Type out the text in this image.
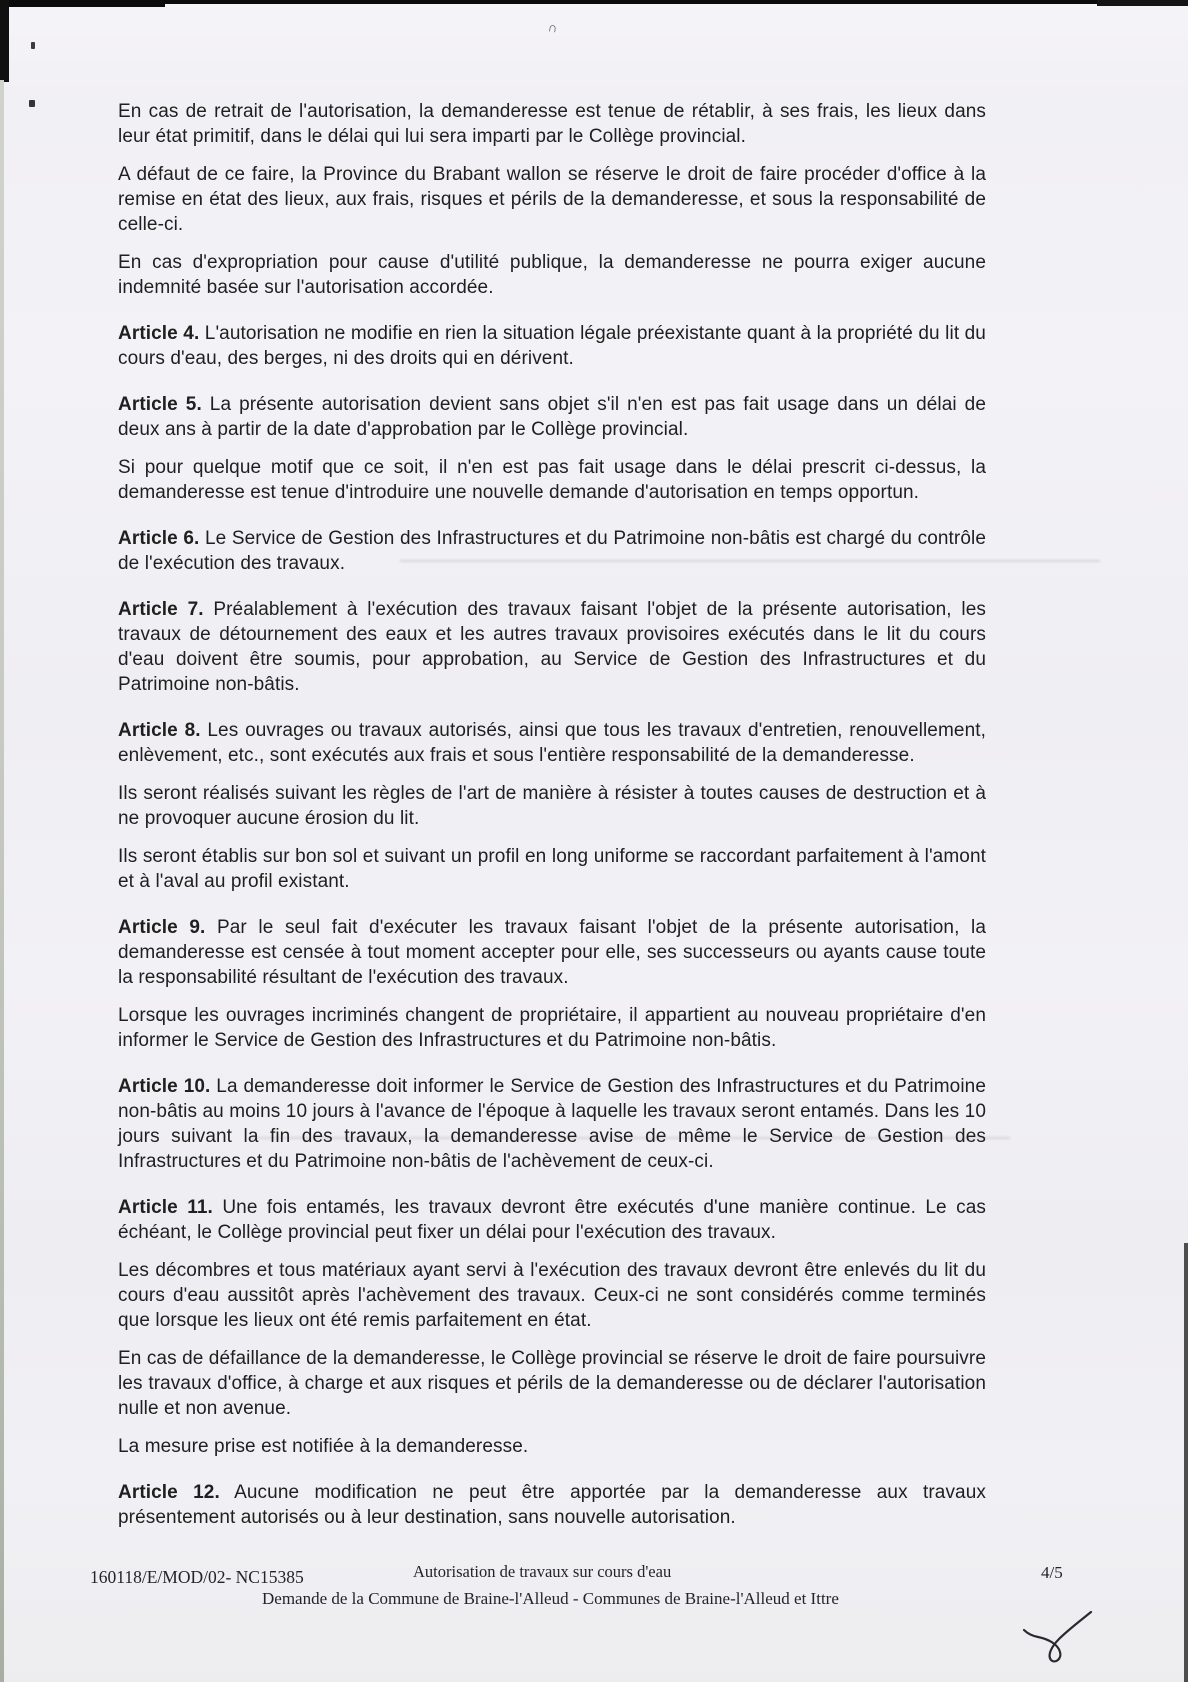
∩

En cas de retrait de l'autorisation, la demanderesse est tenue de rétablir, à ses frais, les lieux dans leur état primitif, dans le délai qui lui sera imparti par le Collège provincial.

A défaut de ce faire, la Province du Brabant wallon se réserve le droit de faire procéder d'office à la remise en état des lieux, aux frais, risques et périls de la demanderesse, et sous la responsabilité de celle-ci.

En cas d'expropriation pour cause d'utilité publique, la demanderesse ne pourra exiger aucune indemnité basée sur l'autorisation accordée.

Article 4. L'autorisation ne modifie en rien la situation légale préexistante quant à la propriété du lit du cours d'eau, des berges, ni des droits qui en dérivent.

Article 5. La présente autorisation devient sans objet s'il n'en est pas fait usage dans un délai de deux ans à partir de la date d'approbation par le Collège provincial.

Si pour quelque motif que ce soit, il n'en est pas fait usage dans le délai prescrit ci-dessus, la demanderesse est tenue d'introduire une nouvelle demande d'autorisation en temps opportun.

Article 6. Le Service de Gestion des Infrastructures et du Patrimoine non-bâtis est chargé du contrôle de l'exécution des travaux.

Article 7. Préalablement à l'exécution des travaux faisant l'objet de la présente autorisation, les travaux de détournement des eaux et les autres travaux provisoires exécutés dans le lit du cours d'eau doivent être soumis, pour approbation, au Service de Gestion des Infrastructures et du Patrimoine non-bâtis.

Article 8. Les ouvrages ou travaux autorisés, ainsi que tous les travaux d'entretien, renouvellement, enlèvement, etc., sont exécutés aux frais et sous l'entière responsabilité de la demanderesse.

Ils seront réalisés suivant les règles de l'art de manière à résister à toutes causes de destruction et à ne provoquer aucune érosion du lit.

Ils seront établis sur bon sol et suivant un profil en long uniforme se raccordant parfaitement à l'amont et à l'aval au profil existant.

Article 9. Par le seul fait d'exécuter les travaux faisant l'objet de la présente autorisation, la demanderesse est censée à tout moment accepter pour elle, ses successeurs ou ayants cause toute la responsabilité résultant de l'exécution des travaux.

Lorsque les ouvrages incriminés changent de propriétaire, il appartient au nouveau propriétaire d'en informer le Service de Gestion des Infrastructures et du Patrimoine non-bâtis.

Article 10. La demanderesse doit informer le Service de Gestion des Infrastructures et du Patrimoine non-bâtis au moins 10 jours à l'avance de l'époque à laquelle les travaux seront entamés. Dans les 10 jours suivant la fin des travaux, la demanderesse avise de même le Service de Gestion des Infrastructures et du Patrimoine non-bâtis de l'achèvement de ceux-ci.

Article 11. Une fois entamés, les travaux devront être exécutés d'une manière continue. Le cas échéant, le Collège provincial peut fixer un délai pour l'exécution des travaux.

Les décombres et tous matériaux ayant servi à l'exécution des travaux devront être enlevés du lit du cours d'eau aussitôt après l'achèvement des travaux. Ceux-ci ne sont considérés comme terminés que lorsque les lieux ont été remis parfaitement en état.

En cas de défaillance de la demanderesse, le Collège provincial se réserve le droit de faire poursuivre les travaux d'office, à charge et aux risques et périls de la demanderesse ou de déclarer l'autorisation nulle et non avenue.

La mesure prise est notifiée à la demanderesse.

Article 12. Aucune modification ne peut être apportée par la demanderesse aux travaux présentement autorisés ou à leur destination, sans nouvelle autorisation.

160118/E/MOD/02- NC15385	Autorisation de travaux sur cours d'eau
Demande de la Commune de Braine-l'Alleud - Communes de Braine-l'Alleud et Ittre
4/5
